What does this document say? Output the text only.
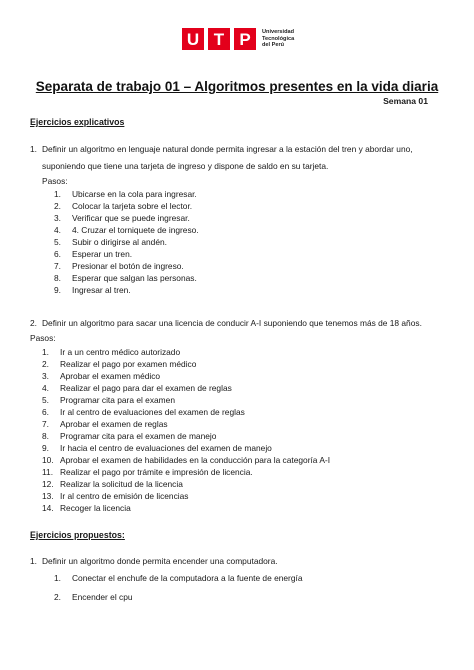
U T P	Universidad
Tecnológica
del Perú
Separata de trabajo 01 – Algoritmos presentes en la vida diaria
Semana 01
Ejercicios explicativos
1. Definir un algoritmo en lenguaje natural donde permita ingresar a la estación del tren y abordar uno,
suponiendo que tiene una tarjeta de ingreso y dispone de saldo en su tarjeta.
Pasos:
1. Ubicarse en la cola para ingresar.
2. Colocar la tarjeta sobre el lector.
3. Verificar que se puede ingresar.
4. 4. Cruzar el torniquete de ingreso.
5. Subir o dirigirse al andén.
6. Esperar un tren.
7. Presionar el botón de ingreso.
8. Esperar que salgan las personas.
9. Ingresar al tren.
2. Definir un algoritmo para sacar una licencia de conducir A-I suponiendo que tenemos más de 18 años.
Pasos:
1. Ir a un centro médico autorizado
2. Realizar el pago por examen médico
3. Aprobar el examen médico
4. Realizar el pago para dar el examen de reglas
5. Programar cita para el examen
6. Ir al centro de evaluaciones del examen de reglas
7. Aprobar el examen de reglas
8. Programar cita para el examen de manejo
9. Ir hacia el centro de evaluaciones del examen de manejo
10. Aprobar el examen de habilidades en la conducción para la categoría A-I
11. Realizar el pago por trámite e impresión de licencia.
12. Realizar la solicitud de la licencia
13. Ir al centro de emisión de licencias
14. Recoger la licencia
Ejercicios propuestos:
1. Definir un algoritmo donde permita encender una computadora.
1. Conectar el enchufe de la computadora a la fuente de energía
2. Encender el cpu
